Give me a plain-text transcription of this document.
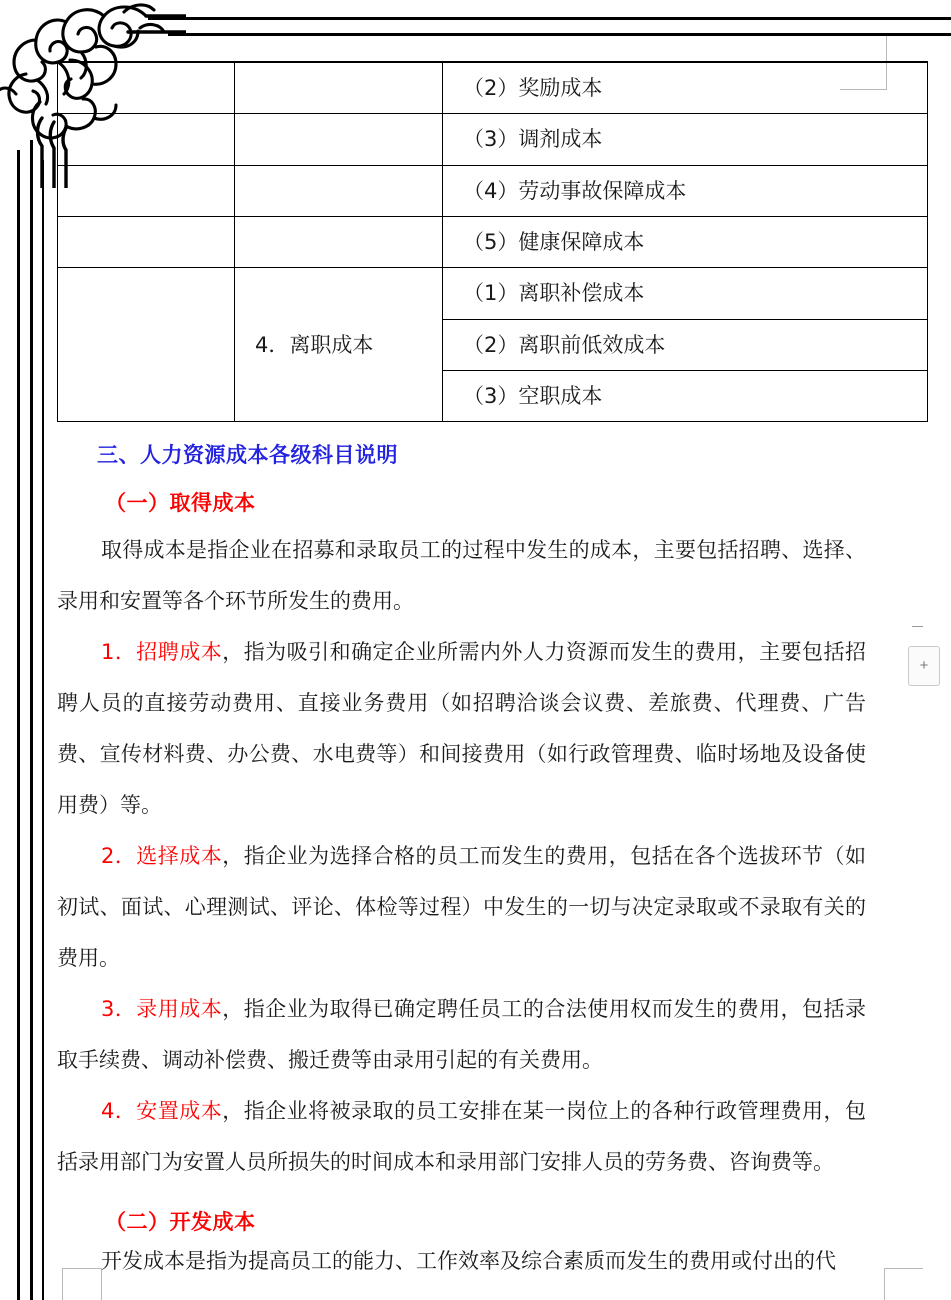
		（2）奖励成本
		（3）调剂成本
		（4）劳动事故保障成本
		（5）健康保障成本
	4．离职成本	（1）离职补偿成本
		（2）离职前低效成本
		（3）空职成本
三、人力资源成本各级科目说明
（一）取得成本

取得成本是指企业在招募和录取员工的过程中发生的成本，主要包括招聘、选择、录用和安置等各个环节所发生的费用。

1．招聘成本，指为吸引和确定企业所需内外人力资源而发生的费用，主要包括招聘人员的直接劳动费用、直接业务费用（如招聘洽谈会议费、差旅费、代理费、广告费、宣传材料费、办公费、水电费等）和间接费用（如行政管理费、临时场地及设备使用费）等。

2．选择成本，指企业为选择合格的员工而发生的费用，包括在各个选拔环节（如初试、面试、心理测试、评论、体检等过程）中发生的一切与决定录取或不录取有关的费用。

3．录用成本，指企业为取得已确定聘任员工的合法使用权而发生的费用，包括录取手续费、调动补偿费、搬迁费等由录用引起的有关费用。

4．安置成本，指企业将被录取的员工安排在某一岗位上的各种行政管理费用，包括录用部门为安置人员所损失的时间成本和录用部门安排人员的劳务费、咨询费等。

（二）开发成本

开发成本是指为提高员工的能力、工作效率及综合素质而发生的费用或付出的代

+
